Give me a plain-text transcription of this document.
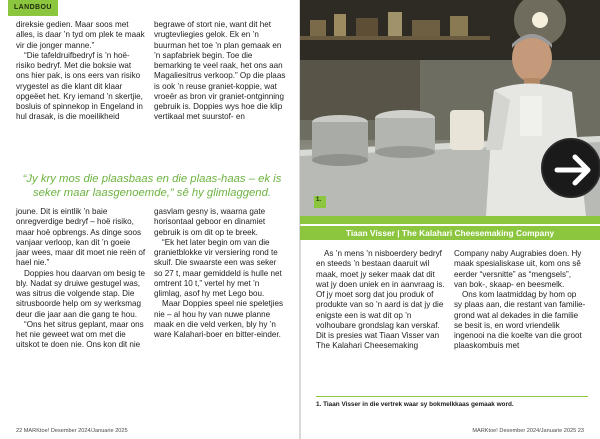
LANDBOU

direksie gedien. Maar soos met alles, is daar ’n tyd om plek te maak vir die jonger manne.”

“Die tafeldruifbedryf is ’n hoë-risiko bedryf. Met die boksie wat ons hier pak, is ons eers van risiko vrygestel as die klant dit klaar opgeëet het. Kry iemand ’n skertjie, bosluis of spinnekop in Engeland in hul drasak, is die moeilikheid

begrawe of stort nie, want dit het vrugtevliegies gelok. Ek en ’n buurman het toe ’n plan gemaak en ’n sapfabriek begin. Toe die bemarking te veel raak, het ons aan Magaliesitrus verkoop.” Op die plaas is ook ’n reuse graniet-koppie, wat vroeër as bron vir graniet-ontginning gebruik is. Doppies wys hoe die klip vertikaal met suurstof- en

“Jy kry mos die plaasbaas en die plaas-haas – ek is seker maar laasgenoemde,” sê hy glimlaggend.

joune. Dit is eintlik ’n baie onregverdige bedryf – hoë risiko, maar hoë opbrengs. As dinge soos vanjaar verloop, kan dit ’n goeie jaar wees, maar dit moet nie reën of hael nie.”

Doppies hou daarvan om besig te bly. Nadat sy druiwe gestugel was, was sitrus die volgende stap. Die sitrusboorde help om sy werksmag deur die jaar aan die gang te hou.

“Ons het sitrus geplant, maar ons het nie geweet wat om met die uitskot te doen nie. Ons kon dit nie

gasvlam gesny is, waarna gate horisontaal geboor en dinamiet gebruik is om dit op te breek.

“Ek het later begin om van die granietblokke vir versiering rond te skuif. Die swaarste een was seker so 27 t, maar gemiddeld is hulle net omtrent 10 t,” vertel hy met ’n glimlag, asof hy met Lego bou.

Maar Doppies speel nie speletjies nie – al hou hy van nuwe planne maak en die veld verken, bly hy ’n ware Kalahari-boer en bitter-einder.

1.
Tiaan Visser | The Kalahari Cheesemaking Company

As ’n mens ’n nisboerdery bedryf en steeds ’n bestaan daaruit wil maak, moet jy seker maak dat dit wat jy doen uniek en in aanvraag is. Of jy moet sorg dat jou produk of produkte van so ’n aard is dat jy die enigste een is wat dit op ’n volhoubare grondslag kan verskaf. Dit is presies wat Tiaan Visser van The Kalahari Cheesemaking

Company naby Augrabies doen. Hy maak spesialiskase uit, kom ons sê eerder “versnitte” as “mengsels”, van bok-, skaap- en beesmelk.

Ons kom laatmiddag by hom op sy plaas aan, die restant van familie-grond wat al dekades in die familie se besit is, en word vriendelik ingenooi na die koelte van die groot plaaskombuis met

1. Tiaan Visser in die vertrek waar sy bokmelkkaas gemaak word.
22 MARKtoe! Desember 2024/Januarie 2025	MARKtoe! Desember 2024/Januarie 2025 23
